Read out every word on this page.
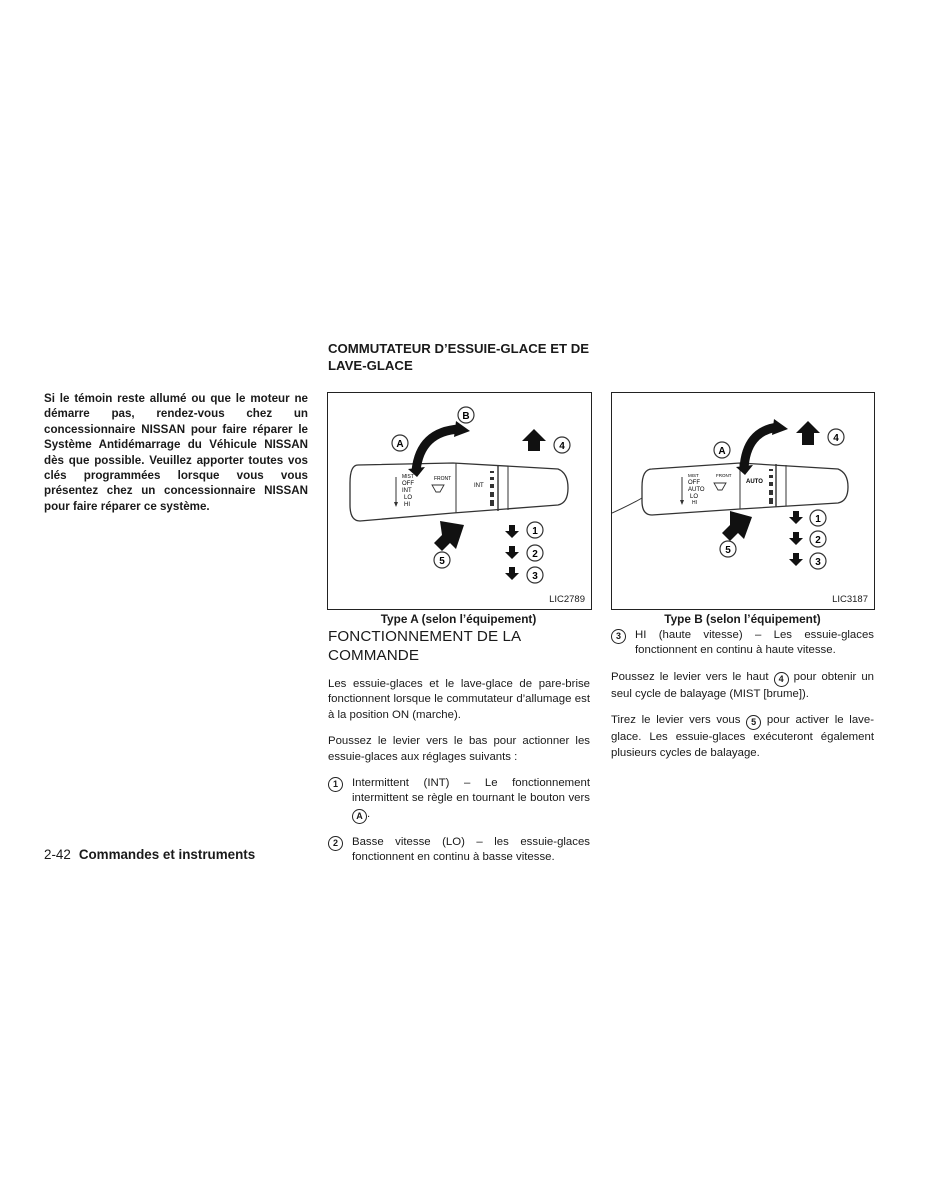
Si le témoin reste allumé ou que le moteur ne démarre pas, rendez-vous chez un concessionnaire NISSAN pour faire réparer le Système Antidémarrage du Véhicule NISSAN dès que possible. Veuillez apporter toutes vos clés programmées lorsque vous vous présentez chez un concessionnaire NISSAN pour faire réparer ce système.
COMMUTATEUR D’ESSUIE-GLACE ET DE LAVE-GLACE
MIST
OFF
INT
LO
HI
FRONT
INT
A
B
4
5
1
2
3
LIC2789
MIST
OFF
AUTO
LO
HI
FRONT
AUTO
A
4
5
1
2
3
LIC3187
Type A (selon l’équipement)	Type B (selon l’équipement)
FONCTIONNEMENT DE LA COMMANDE

Les essuie-glaces et le lave-glace de pare-brise fonctionnent lorsque le commutateur d’allumage est à la position ON (marche).

Poussez le levier vers le bas pour actionner les essuie-glaces aux réglages suivants :

1	Intermittent (INT) – Le fonctionnement intermittent se règle en tournant le bouton vers A .
2	Basse vitesse (LO) – les essuie-glaces fonctionnent en continu à basse vitesse.
3	HI (haute vitesse) – Les essuie-glaces fonctionnent en continu à haute vitesse.

Poussez le levier vers le haut 4 pour obtenir un seul cycle de balayage (MIST [brume]).

Tirez le levier vers vous 5 pour activer le lave-glace. Les essuie-glaces exécuteront également plusieurs cycles de balayage.

2-42 Commandes et instruments
